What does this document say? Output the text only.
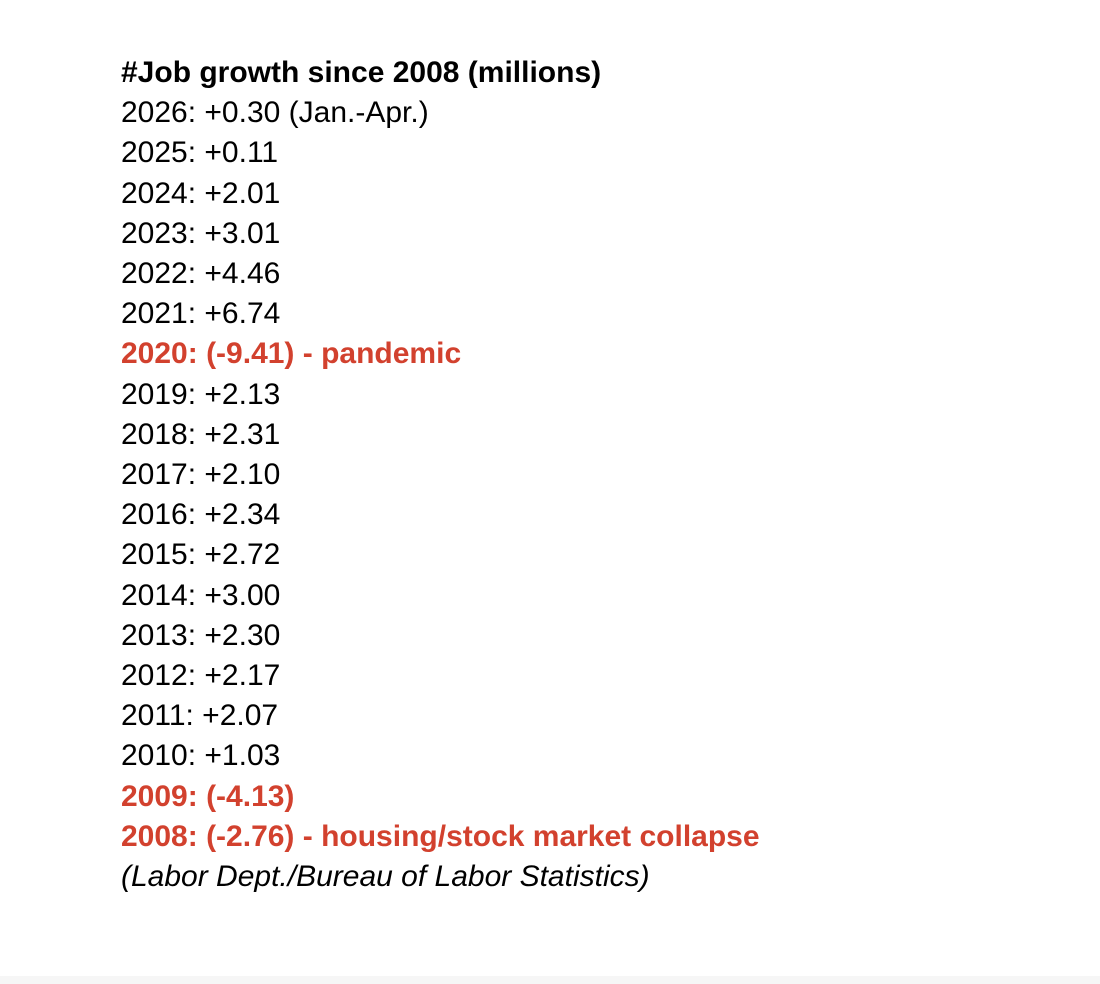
#Job growth since 2008 (millions)
2026: +0.30 (Jan.-Apr.)
2025: +0.11
2024: +2.01
2023: +3.01
2022: +4.46
2021: +6.74
2020: (-9.41) - pandemic
2019: +2.13
2018: +2.31
2017: +2.10
2016: +2.34
2015: +2.72
2014: +3.00
2013: +2.30
2012: +2.17
2011: +2.07
2010: +1.03
2009: (-4.13)
2008: (-2.76) - housing/stock market collapse
(Labor Dept./Bureau of Labor Statistics)
